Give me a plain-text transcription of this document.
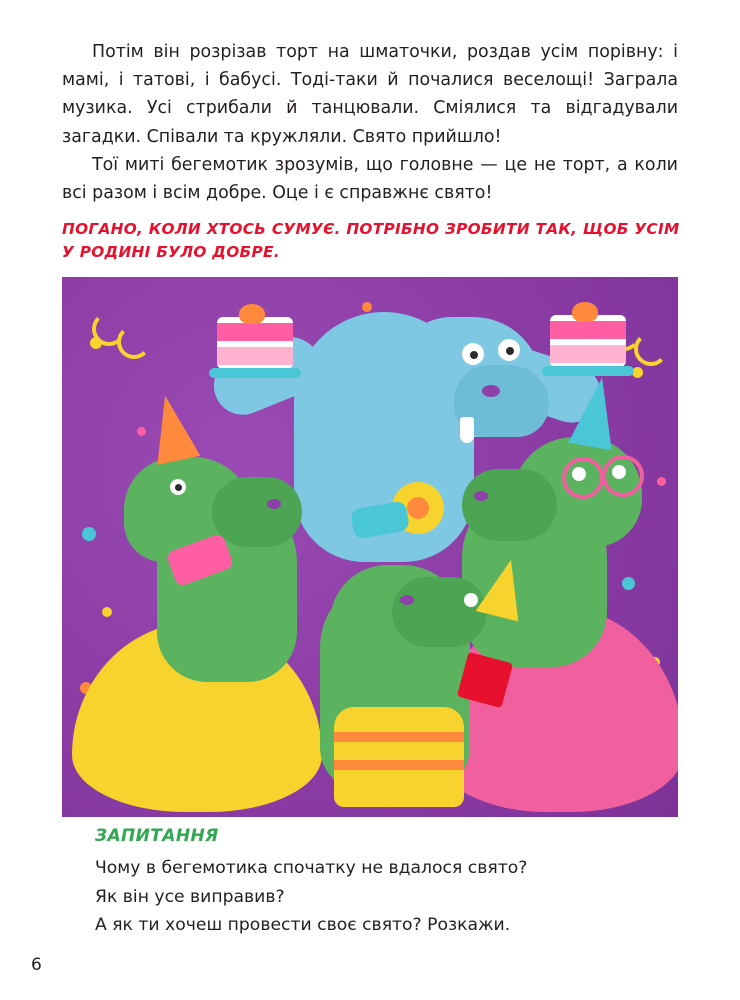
Потім він розрізав торт на шматочки, роздав усім порівну: і мамі, і татові, і бабусі. Тоді-таки й почалися веселощі! Заграла музика. Усі стрибали й танцювали. Сміялися та відгадували загадки. Співали та кружляли. Свято прийшло!

Тої миті бегемотик зрозумів, що головне — це не торт, а коли всі разом і всім добре. Оце і є справжнє свято!

ПОГАНО, КОЛИ ХТОСЬ СУМУЄ. ПОТРІБНО ЗРОБИТИ ТАК, ЩОБ УСІМ У РОДИНІ БУЛО ДОБРЕ.
ЗАПИТАННЯ

Чому в бегемотика спочатку не вдалося свято?

Як він усе виправив?

А як ти хочеш провести своє свято? Розкажи.

6
